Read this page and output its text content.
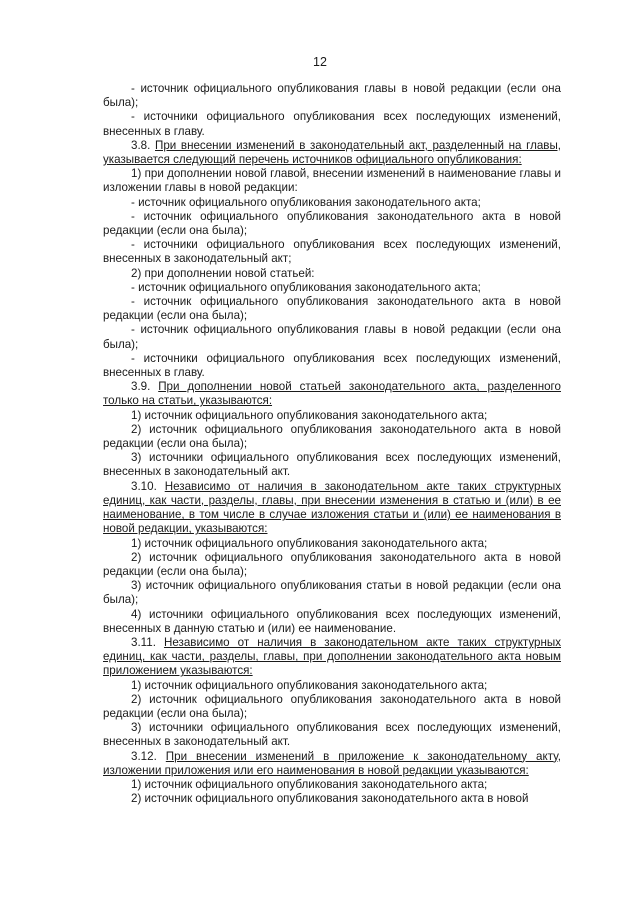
12

- источник официального опубликования главы в новой редакции (если она была);

- источники официального опубликования всех последующих изменений, внесенных в главу.

3.8. При внесении изменений в законодательный акт, разделенный на главы, указывается следующий перечень источников официального опубликования:

1) при дополнении новой главой, внесении изменений в наименование главы и изложении главы в новой редакции:

- источник официального опубликования законодательного акта;

- источник официального опубликования законодательного акта в новой редакции (если она была);

- источники официального опубликования всех последующих изменений, внесенных в законодательный акт;

2) при дополнении новой статьей:

- источник официального опубликования законодательного акта;

- источник официального опубликования законодательного акта в новой редакции (если она была);

- источник официального опубликования главы в новой редакции (если она была);

- источники официального опубликования всех последующих изменений, внесенных в главу.

3.9. При дополнении новой статьей законодательного акта, разделенного только на статьи, указываются:

1) источник официального опубликования законодательного акта;

2) источник официального опубликования законодательного акта в новой редакции (если она была);

3) источники официального опубликования всех последующих изменений, внесенных в законодательный акт.

3.10. Независимо от наличия в законодательном акте таких структурных единиц, как части, разделы, главы, при внесении изменения в статью и (или) в ее наименование, в том числе в случае изложения статьи и (или) ее наименования в новой редакции, указываются:

1) источник официального опубликования законодательного акта;

2) источник официального опубликования законодательного акта в новой редакции (если она была);

3) источник официального опубликования статьи в новой редакции (если она была);

4) источники официального опубликования всех последующих изменений, внесенных в данную статью и (или) ее наименование.

3.11. Независимо от наличия в законодательном акте таких структурных единиц, как части, разделы, главы, при дополнении законодательного акта новым приложением указываются:

1) источник официального опубликования законодательного акта;

2) источник официального опубликования законодательного акта в новой редакции (если она была);

3) источники официального опубликования всех последующих изменений, внесенных в законодательный акт.

3.12. При внесении изменений в приложение к законодательному акту, изложении приложения или его наименования в новой редакции указываются:

1) источник официального опубликования законодательного акта;

2) источник официального опубликования законодательного акта в новой
